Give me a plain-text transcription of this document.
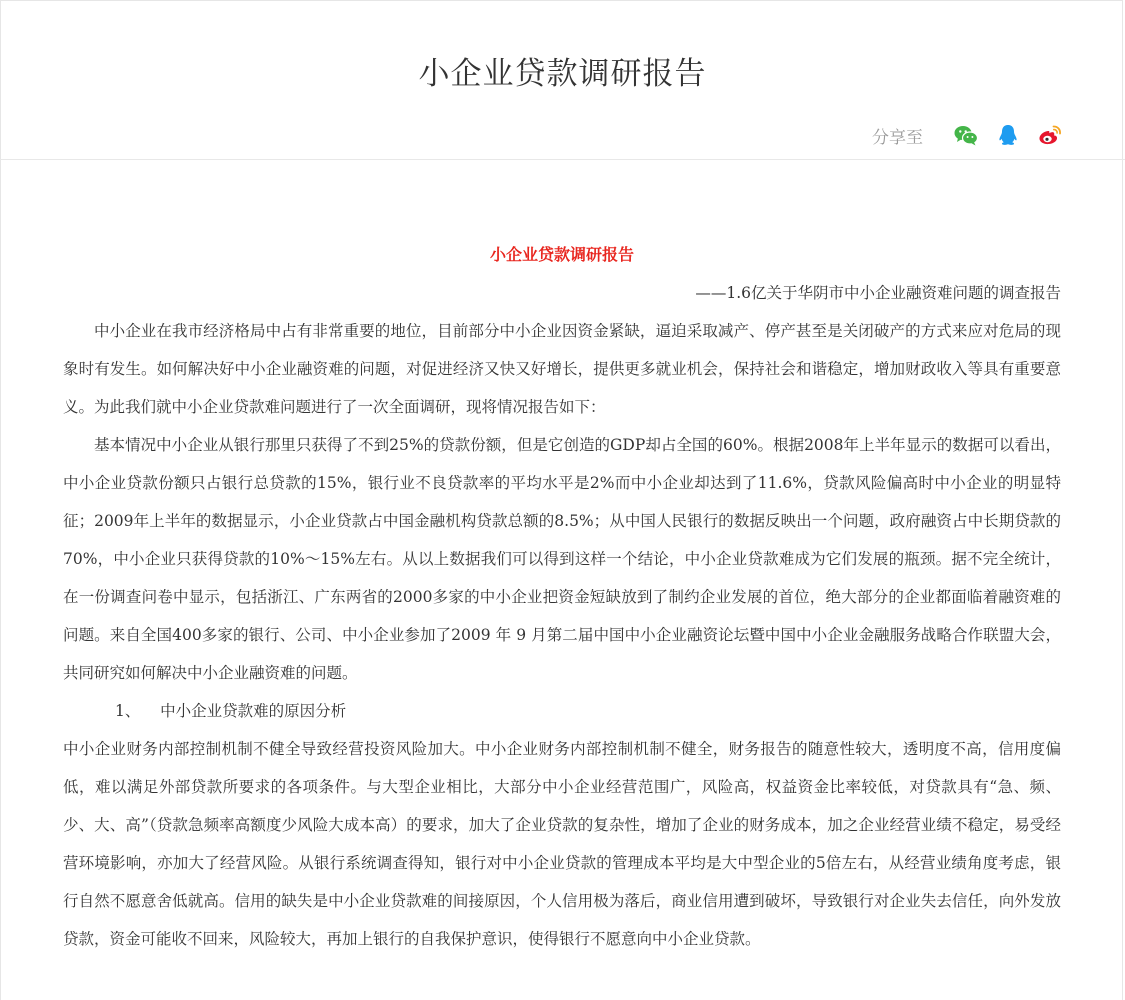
小企业贷款调研报告
分享至
小企业贷款调研报告
——1.6亿关于华阴市中小企业融资难问题的调查报告

中小企业在我市经济格局中占有非常重要的地位，目前部分中小企业因资金紧缺，逼迫采取减产、停产甚至是关闭破产的方式来应对危局的现象时有发生。如何解决好中小企业融资难的问题，对促进经济又快又好增长，提供更多就业机会，保持社会和谐稳定，增加财政收入等具有重要意义。为此我们就中小企业贷款难问题进行了一次全面调研，现将情况报告如下：

基本情况中小企业从银行那里只获得了不到25%的贷款份额，但是它创造的GDP却占全国的60%。根据2008年上半年显示的数据可以看出，中小企业贷款份额只占银行总贷款的15%，银行业不良贷款率的平均水平是2%而中小企业却达到了11.6%，贷款风险偏高时中小企业的明显特征；2009年上半年的数据显示，小企业贷款占中国金融机构贷款总额的8.5%；从中国人民银行的数据反映出一个问题，政府融资占中长期贷款的70%，中小企业只获得贷款的10%～15%左右。从以上数据我们可以得到这样一个结论，中小企业贷款难成为它们发展的瓶颈。据不完全统计，在一份调查问卷中显示，包括浙江、广东两省的2000多家的中小企业把资金短缺放到了制约企业发展的首位，绝大部分的企业都面临着融资难的问题。来自全国400多家的银行、公司、中小企业参加了2009 年 9 月第二届中国中小企业融资论坛暨中国中小企业金融服务战略合作联盟大会，共同研究如何解决中小企业融资难的问题。

1、    中小企业贷款难的原因分析

中小企业财务内部控制机制不健全导致经营投资风险加大。中小企业财务内部控制机制不健全，财务报告的随意性较大，透明度不高，信用度偏低，难以满足外部贷款所要求的各项条件。与大型企业相比，大部分中小企业经营范围广，风险高，权益资金比率较低，对贷款具有“急、频、少、大、高”（贷款急频率高额度少风险大成本高）的要求，加大了企业贷款的复杂性，增加了企业的财务成本，加之企业经营业绩不稳定，易受经营环境影响，亦加大了经营风险。从银行系统调查得知，银行对中小企业贷款的管理成本平均是大中型企业的5倍左右，从经营业绩角度考虑，银行自然不愿意舍低就高。信用的缺失是中小企业贷款难的间接原因，个人信用极为落后，商业信用遭到破坏，导致银行对企业失去信任，向外发放贷款，资金可能收不回来，风险较大，再加上银行的自我保护意识，使得银行不愿意向中小企业贷款。
